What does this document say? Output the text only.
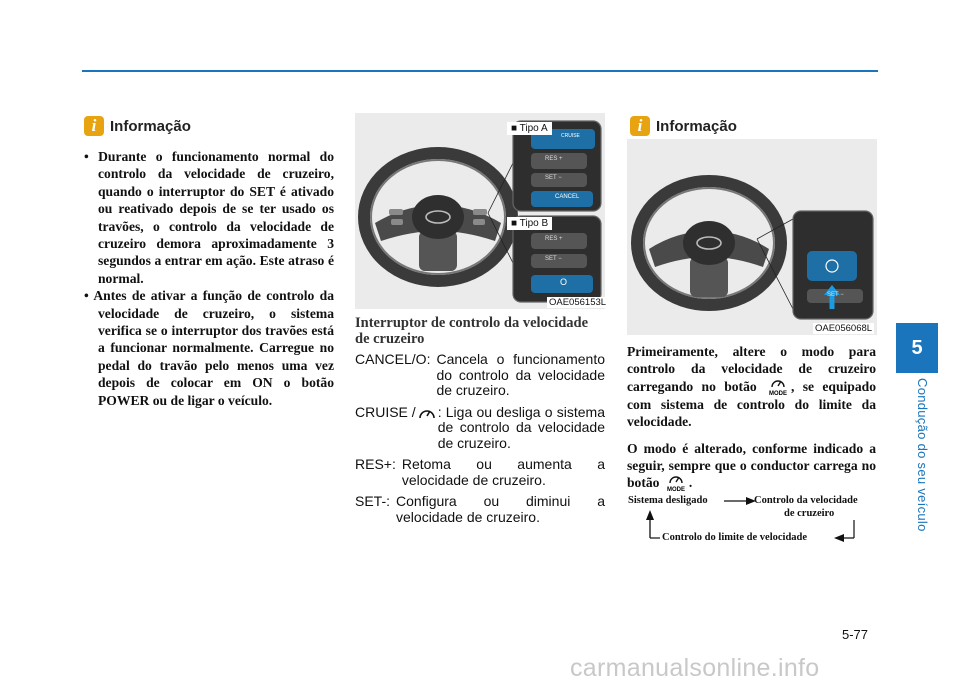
i Informação
• Durante o funcionamento normal do controlo da velocidade de cruzeiro, quando o interruptor do SET é ativado ou reativado depois de se ter usado os travões, o controlo da velocidade de cruzeiro demora aproximadamente 3 segundos a entrar em ação. Este atraso é normal.
• Antes de ativar a função de controlo da velocidade de cruzeiro, o sistema verifica se o interruptor dos travões está a funcionar normalmente. Carregue no pedal do travão pelo menos uma vez depois de colocar em ON o botão POWER ou de ligar o veículo.
■ Tipo A
■ Tipo B
CRUISE
RES +
SET −
CANCEL
RES +
SET −
O
OAE056153L
Interruptor de controlo da velocidade de cruzeiro
CANCEL/O: Cancela o funcionamento do controlo da velocidade de cruzeiro.
CRUISE / : Liga ou desliga o sistema de controlo da velocidade de cruzeiro.
RES+: Retoma ou aumenta a velocidade de cruzeiro.
SET-: Configura ou diminui a velocidade de cruzeiro.
i Informação
SET −
OAE056068L

Primeiramente, altere o modo para controlo da velocidade de cruzeiro carregando no botão MODE , se equipado com sistema de controlo do limite da velocidade.

O modo é alterado, conforme indicado a seguir, sempre que o conductor carrega no botão MODE .

Sistema desligado	Controlo da velocidade
de cruzeiro
Controlo do limite de velocidade
5
Condução do seu veículo
5-77
carmanualsonline.info
